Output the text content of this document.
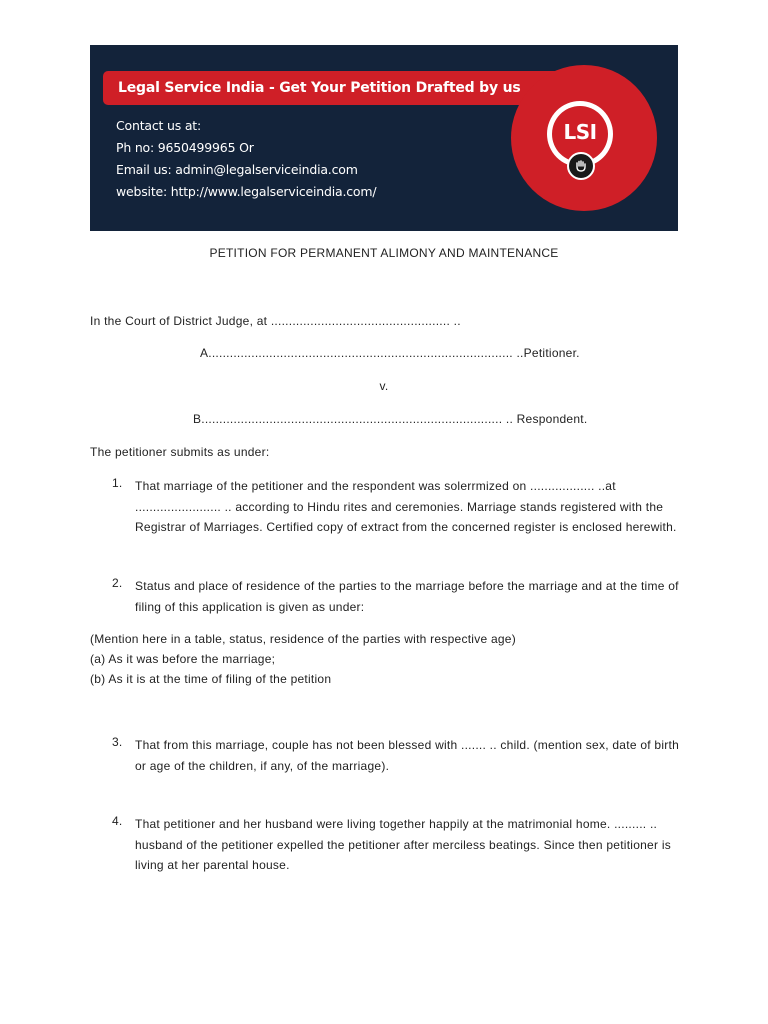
Legal Service India - Get Your Petition Drafted by us
LSI
Contact us at:
Ph no: 9650499965 Or
Email us: admin@legalserviceindia.com
website: http://www.legalserviceindia.com/
PETITION FOR PERMANENT ALIMONY AND MAINTENANCE
In the Court of District Judge, at .................................................. ..
A..................................................................................... ..Petitioner.
v.
B.................................................................................... .. Respondent.
The petitioner submits as under:
1. That marriage of the petitioner and the respondent was solerrmized on .................. ..at ........................ .. according to Hindu rites and ceremonies. Marriage stands registered with the Registrar of Marriages. Certified copy of extract from the concerned register is enclosed herewith.
2. Status and place of residence of the parties to the marriage before the marriage and at the time of filing of this application is given as under:
(Mention here in a table, status, residence of the parties with respective age)
(a) As it was before the marriage;
(b) As it is at the time of filing of the petition
3. That from this marriage, couple has not been blessed with ....... .. child. (mention sex, date of birth or age of the children, if any, of the marriage).
4. That petitioner and her husband were living together happily at the matrimonial home. ......... .. husband of the petitioner expelled the petitioner after merciless beatings. Since then petitioner is living at her parental house.
